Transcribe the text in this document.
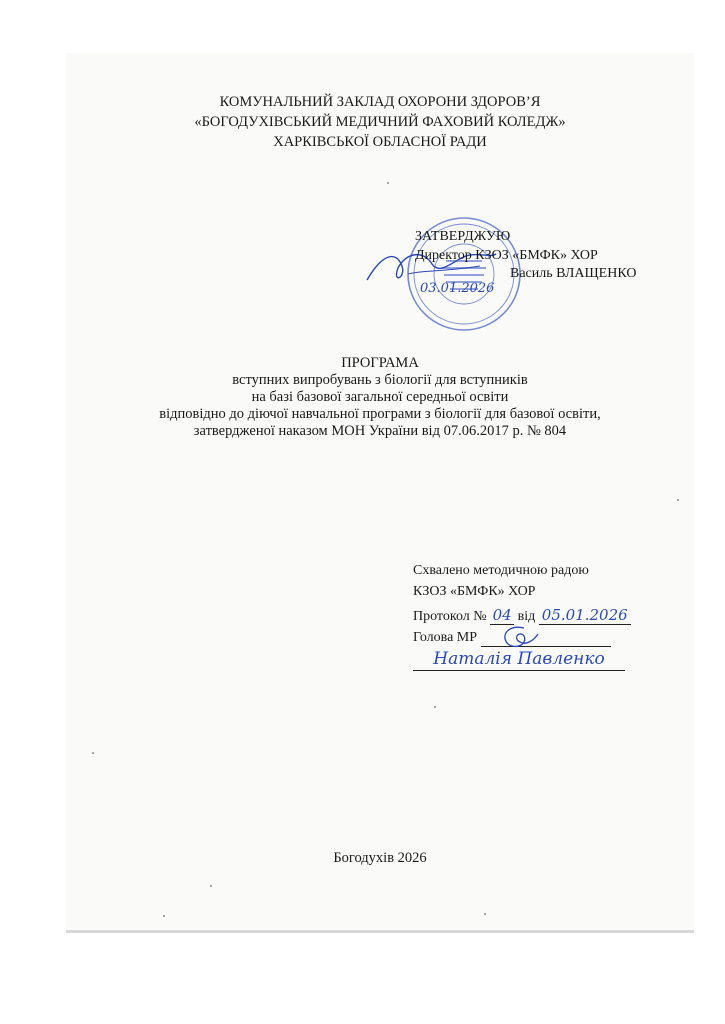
КОМУНАЛЬНИЙ ЗАКЛАД ОХОРОНИ ЗДОРОВ’Я
«БОГОДУХІВСЬКИЙ МЕДИЧНИЙ ФАХОВИЙ КОЛЕДЖ»
ХАРКІВСЬКОЇ ОБЛАСНОЇ РАДИ
ЗАТВЕРДЖУЮ
Директор КЗОЗ «БМФК» ХОР
Василь ВЛАЩЕНКО
03.01.2026
ПРОГРАМА
вступних випробувань з біології для вступників
на базі базової загальної середньої освіти
відповідно до діючої навчальної програми з біології для базової освіти,
затвердженої наказом МОН України від 07.06.2017 р. № 804
Схвалено методичною радою
КЗОЗ «БМФК» ХОР
Протокол № 04 від 05.01.2026
Голова МР
Наталія Павленко
Богодухів 2026
